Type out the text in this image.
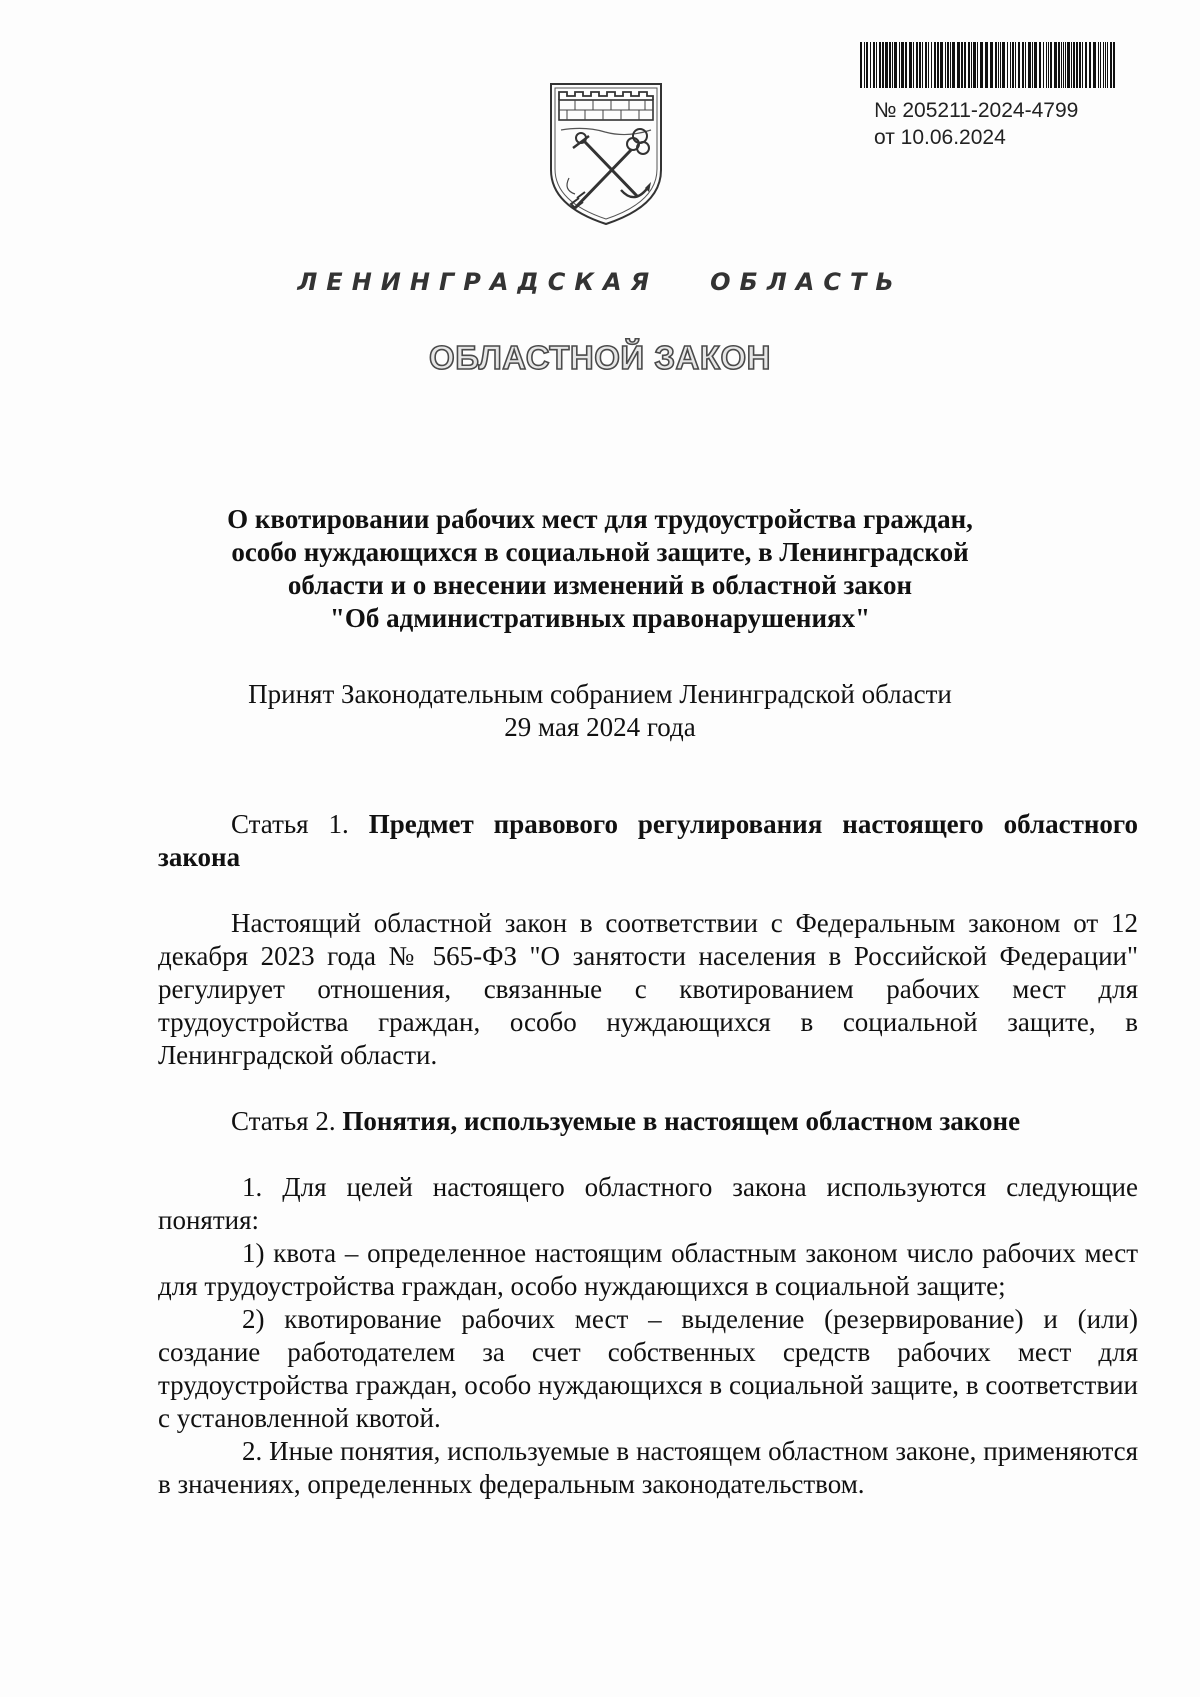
№ 205211-2024-4799
от 10.06.2024
ЛЕНИНГРАДСКАЯ   ОБЛАСТЬ
ОБЛАСТНОЙ ЗАКОН
О квотировании рабочих мест для трудоустройства граждан,
особо нуждающихся в социальной защите, в Ленинградской
области и о внесении изменений в областной закон
"Об административных правонарушениях"
Принят Законодательным собранием Ленинградской области
29 мая 2024 года

Статья 1. Предмет правового регулирования настоящего областного закона

Настоящий областной закон в соответствии с Федеральным законом от 12 декабря 2023 года № 565-ФЗ "О занятости населения в Российской Федерации" регулирует отношения, связанные с квотированием рабочих мест для трудоустройства граждан, особо нуждающихся в социальной защите, в Ленинградской области.

Статья 2. Понятия, используемые в настоящем областном законе

1. Для целей настоящего областного закона используются следующие понятия:

1) квота – определенное настоящим областным законом число рабочих мест для трудоустройства граждан, особо нуждающихся в социальной защите;

2) квотирование рабочих мест – выделение (резервирование) и (или) создание работодателем за счет собственных средств рабочих мест для трудоустройства граждан, особо нуждающихся в социальной защите, в соответствии с установленной квотой.

2. Иные понятия, используемые в настоящем областном законе, применяются в значениях, определенных федеральным законодательством.
